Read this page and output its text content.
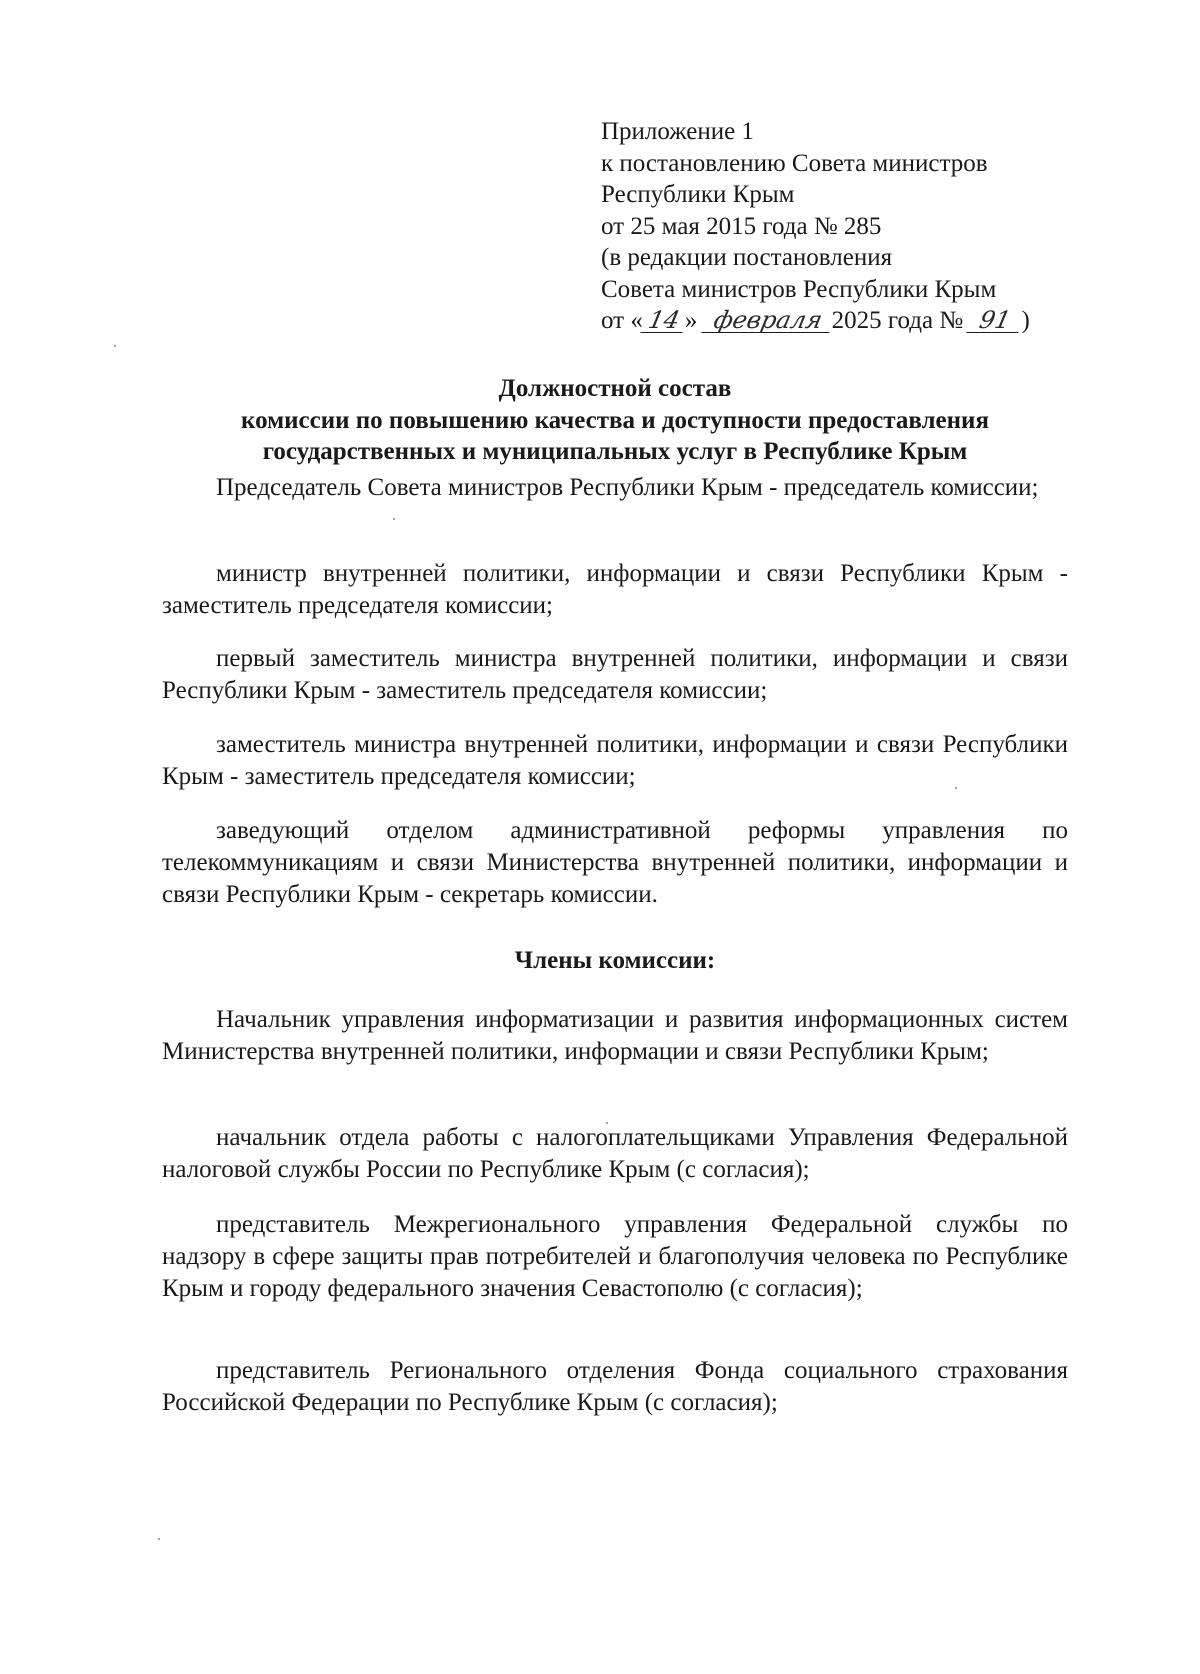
Приложение 1
к постановлению Совета министров
Республики Крым
от 25 мая 2015 года № 285
(в редакции постановления
Совета министров Республики Крым
от « 14 » февраля 2025 года № 91 )
Должностной состав
комиссии по повышению качества и доступности предоставления
государственных и муниципальных услуг в Республике Крым

Председатель Совета министров Республики Крым - председатель комиссии;

министр внутренней политики, информации и связи Республики Крым - заместитель председателя комиссии;

первый заместитель министра внутренней политики, информации и связи Республики Крым - заместитель председателя комиссии;

заместитель министра внутренней политики, информации и связи Республики Крым - заместитель председателя комиссии;

заведующий отделом административной реформы управления по телекоммуникациям и связи Министерства внутренней политики, информации и связи Республики Крым - секретарь комиссии.

Члены комиссии:

Начальник управления информатизации и развития информационных систем Министерства внутренней политики, информации и связи Республики Крым;

начальник отдела работы с налогоплательщиками Управления Федеральной налоговой службы России по Республике Крым (с согласия);

представитель Межрегионального управления Федеральной службы по надзору в сфере защиты прав потребителей и благополучия человека по Республике Крым и городу федерального значения Севастополю (с согласия);

представитель Регионального отделения Фонда социального страхования Российской Федерации по Республике Крым (с согласия);
